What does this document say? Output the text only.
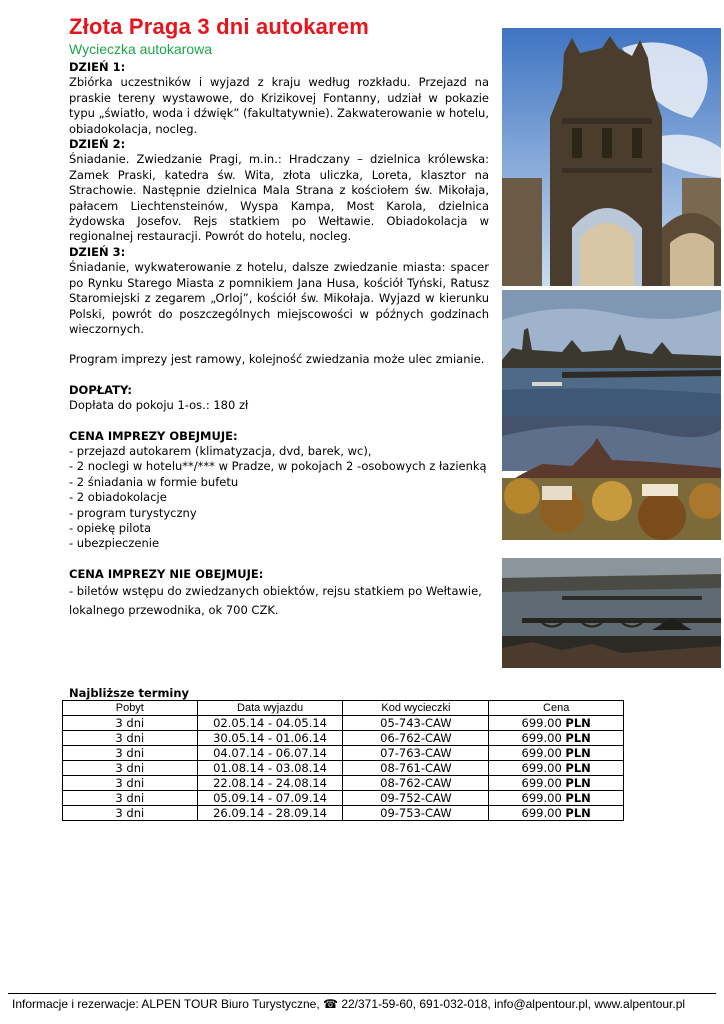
Złota Praga 3 dni autokarem
Wycieczka autokarowa

DZIEŃ 1:

Zbiórka uczestników i wyjazd z kraju według rozkładu. Przejazd na praskie tereny wystawowe, do Krizikovej Fontanny, udział w pokazie typu „światło, woda i dźwięk” (fakultatywnie). Zakwaterowanie w hotelu, obiadokolacja, nocleg.

DZIEŃ 2:

Śniadanie. Zwiedzanie Pragi, m.in.: Hradczany – dzielnica królewska: Zamek Praski, katedra św. Wita, złota uliczka, Loreta, klasztor na Strachowie. Następnie dzielnica Mala Strana z kościołem św. Mikołaja, pałacem Liechtensteinów, Wyspa Kampa, Most Karola, dzielnica żydowska Josefov. Rejs statkiem po Wełtawie. Obiadokolacja w regionalnej restauracji. Powrót do hotelu, nocleg.

DZIEŃ 3:

Śniadanie, wykwaterowanie z hotelu, dalsze zwiedzanie miasta: spacer po Rynku Starego Miasta z pomnikiem Jana Husa, kościół Tyński, Ratusz Staromiejski z zegarem „Orloj”, kościół św. Mikołaja. Wyjazd w kierunku Polski, powrót do poszczególnych miejscowości w późnych godzinach wieczornych.

Program imprezy jest ramowy, kolejność zwiedzania może ulec zmianie.

DOPŁATY:

Dopłata do pokoju 1-os.: 180 zł

CENA IMPREZY OBEJMUJE:

- przejazd autokarem (klimatyzacja, dvd, barek, wc),
- 2 noclegi w hotelu**/*** w Pradze, w pokojach 2 -osobowych z łazienką
- 2 śniadania w formie bufetu
- 2 obiadokolacje
- program turystyczny
- opiekę pilota
- ubezpieczenie

CENA IMPREZY NIE OBEJMUJE:

- biletów wstępu do zwiedzanych obiektów, rejsu statkiem po Wełtawie, lokalnego przewodnika, ok 700 CZK.

Najbliższe terminy
Pobyt	Data wyjazdu	Kod wycieczki	Cena
3 dni	02.05.14 - 04.05.14	05-743-CAW	699.00 PLN
3 dni	30.05.14 - 01.06.14	06-762-CAW	699.00 PLN
3 dni	04.07.14 - 06.07.14	07-763-CAW	699.00 PLN
3 dni	01.08.14 - 03.08.14	08-761-CAW	699.00 PLN
3 dni	22.08.14 - 24.08.14	08-762-CAW	699.00 PLN
3 dni	05.09.14 - 07.09.14	09-752-CAW	699.00 PLN
3 dni	26.09.14 - 28.09.14	09-753-CAW	699.00 PLN
Informacje i rezerwacje: ALPEN TOUR Biuro Turystyczne, ☎ 22/371-59-60, 691-032-018, info@alpentour.pl, www.alpentour.pl
